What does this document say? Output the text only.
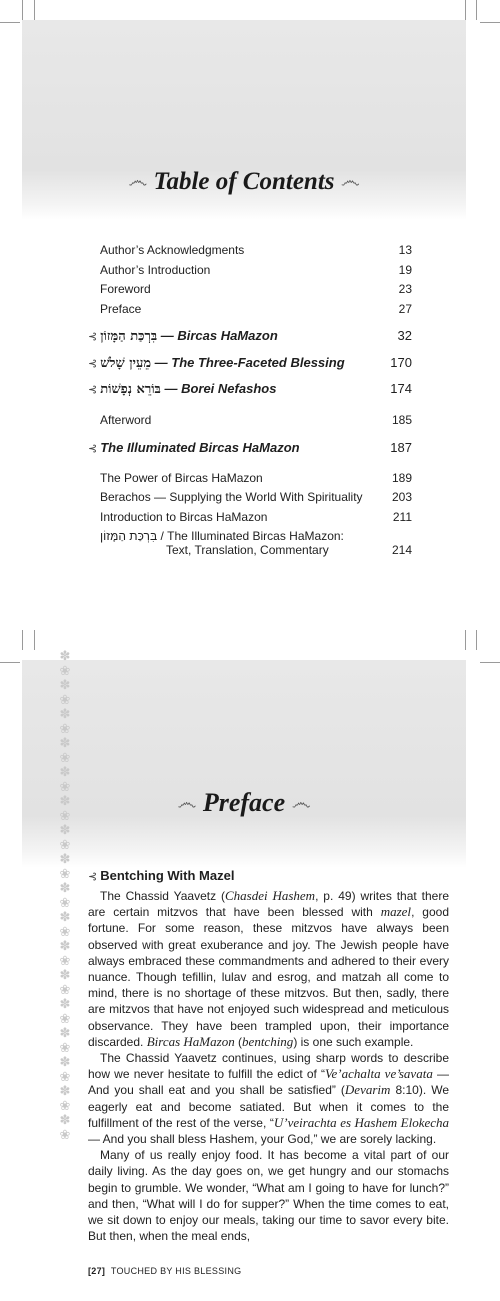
෴ Table of Contents ෴
Author’s Acknowledgments	13
Author’s Introduction	19
Foreword	23
Preface	27
⊰ בִּרְכַּת הַמָּזוֹן — Bircas HaMazon	32
⊰ מֵעֵין שָׁלשׁ — The Three-Faceted Blessing	170
⊰ בּוֹרֵא נְפָשׁוֹת — Borei Nefashos	174
Afterword	185
⊰ The Illuminated Bircas HaMazon	187
The Power of Bircas HaMazon	189
Berachos — Supplying the World With Spirituality 203
Introduction to Bircas HaMazon	211
בִּרְכַּת הַמָּזוֹן / The Illuminated Bircas HaMazon:
Text, Translation, Commentary	214
✽
❀
✽
❀
✽
❀
✽
❀
✽
❀
✽
❀
✽
❀
✽
❀
✽
❀
✽
❀
✽
❀
✽
❀
✽
❀
✽
❀
✽
❀
✽
❀
✽
❀
෴ Preface ෴
⊰ Bentching With Mazel

The Chassid Yaavetz (Chasdei Hashem, p. 49) writes that there are certain mitzvos that have been blessed with mazel, good fortune. For some reason, these mitzvos have always been observed with great exuberance and joy. The Jewish people have always embraced these commandments and adhered to their every nuance. Though tefillin, lulav and esrog, and matzah all come to mind, there is no shortage of these mitzvos. But then, sadly, there are mitzvos that have not enjoyed such widespread and meticulous observance. They have been trampled upon, their importance discarded. Bircas HaMazon (bentching) is one such example.

The Chassid Yaavetz continues, using sharp words to describe how we never hesitate to fulfill the edict of “Ve’achalta ve’savata — And you shall eat and you shall be satisfied” (Devarim 8:10). We eagerly eat and become satiated. But when it comes to the fulfillment of the rest of the verse, “U’veirachta es Hashem Elokecha — And you shall bless Hashem, your God,” we are sorely lacking.

Many of us really enjoy food. It has become a vital part of our daily living. As the day goes on, we get hungry and our stomachs begin to grumble. We wonder, “What am I going to have for lunch?” and then, “What will I do for supper?” When the time comes to eat, we sit down to enjoy our meals, taking our time to savor every bite. But then, when the meal ends,

[27] TOUCHED BY HIS BLESSING
